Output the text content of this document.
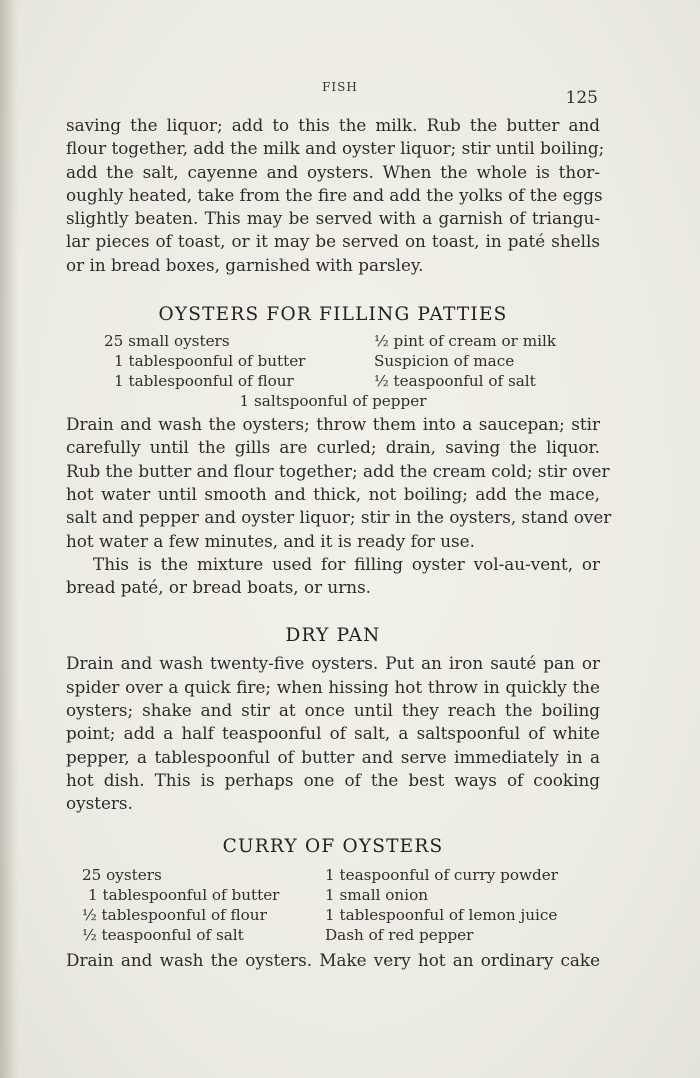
FISH
125

saving the liquor; add to this the milk. Rub the butter and

flour together, add the milk and oyster liquor; stir until boiling;

add the salt, cayenne and oysters. When the whole is thor-

oughly heated, take from the fire and add the yolks of the eggs

slightly beaten. This may be served with a garnish of triangu-

lar pieces of toast, or it may be served on toast, in paté shells

or in bread boxes, garnished with parsley.

OYSTERS FOR FILLING PATTIES
25 small oysters	½ pint of cream or milk
1 tablespoonful of butter	Suspicion of mace
1 tablespoonful of flour	½ teaspoonful of salt
1 saltspoonful of pepper

Drain and wash the oysters; throw them into a saucepan; stir

carefully until the gills are curled; drain, saving the liquor.

Rub the butter and flour together; add the cream cold; stir over

hot water until smooth and thick, not boiling; add the mace,

salt and pepper and oyster liquor; stir in the oysters, stand over

hot water a few minutes, and it is ready for use.

This is the mixture used for filling oyster vol-au-vent, or

bread paté, or bread boats, or urns.

DRY PAN

Drain and wash twenty-five oysters. Put an iron sauté pan or

spider over a quick fire; when hissing hot throw in quickly the

oysters; shake and stir at once until they reach the boiling

point; add a half teaspoonful of salt, a saltspoonful of white

pepper, a tablespoonful of butter and serve immediately in a

hot dish. This is perhaps one of the best ways of cooking

oysters.

CURRY OF OYSTERS
25 oysters	1 teaspoonful of curry powder
1 tablespoonful of butter	1 small onion
½ tablespoonful of flour	1 tablespoonful of lemon juice
½ teaspoonful of salt	Dash of red pepper

Drain and wash the oysters. Make very hot an ordinary cake
